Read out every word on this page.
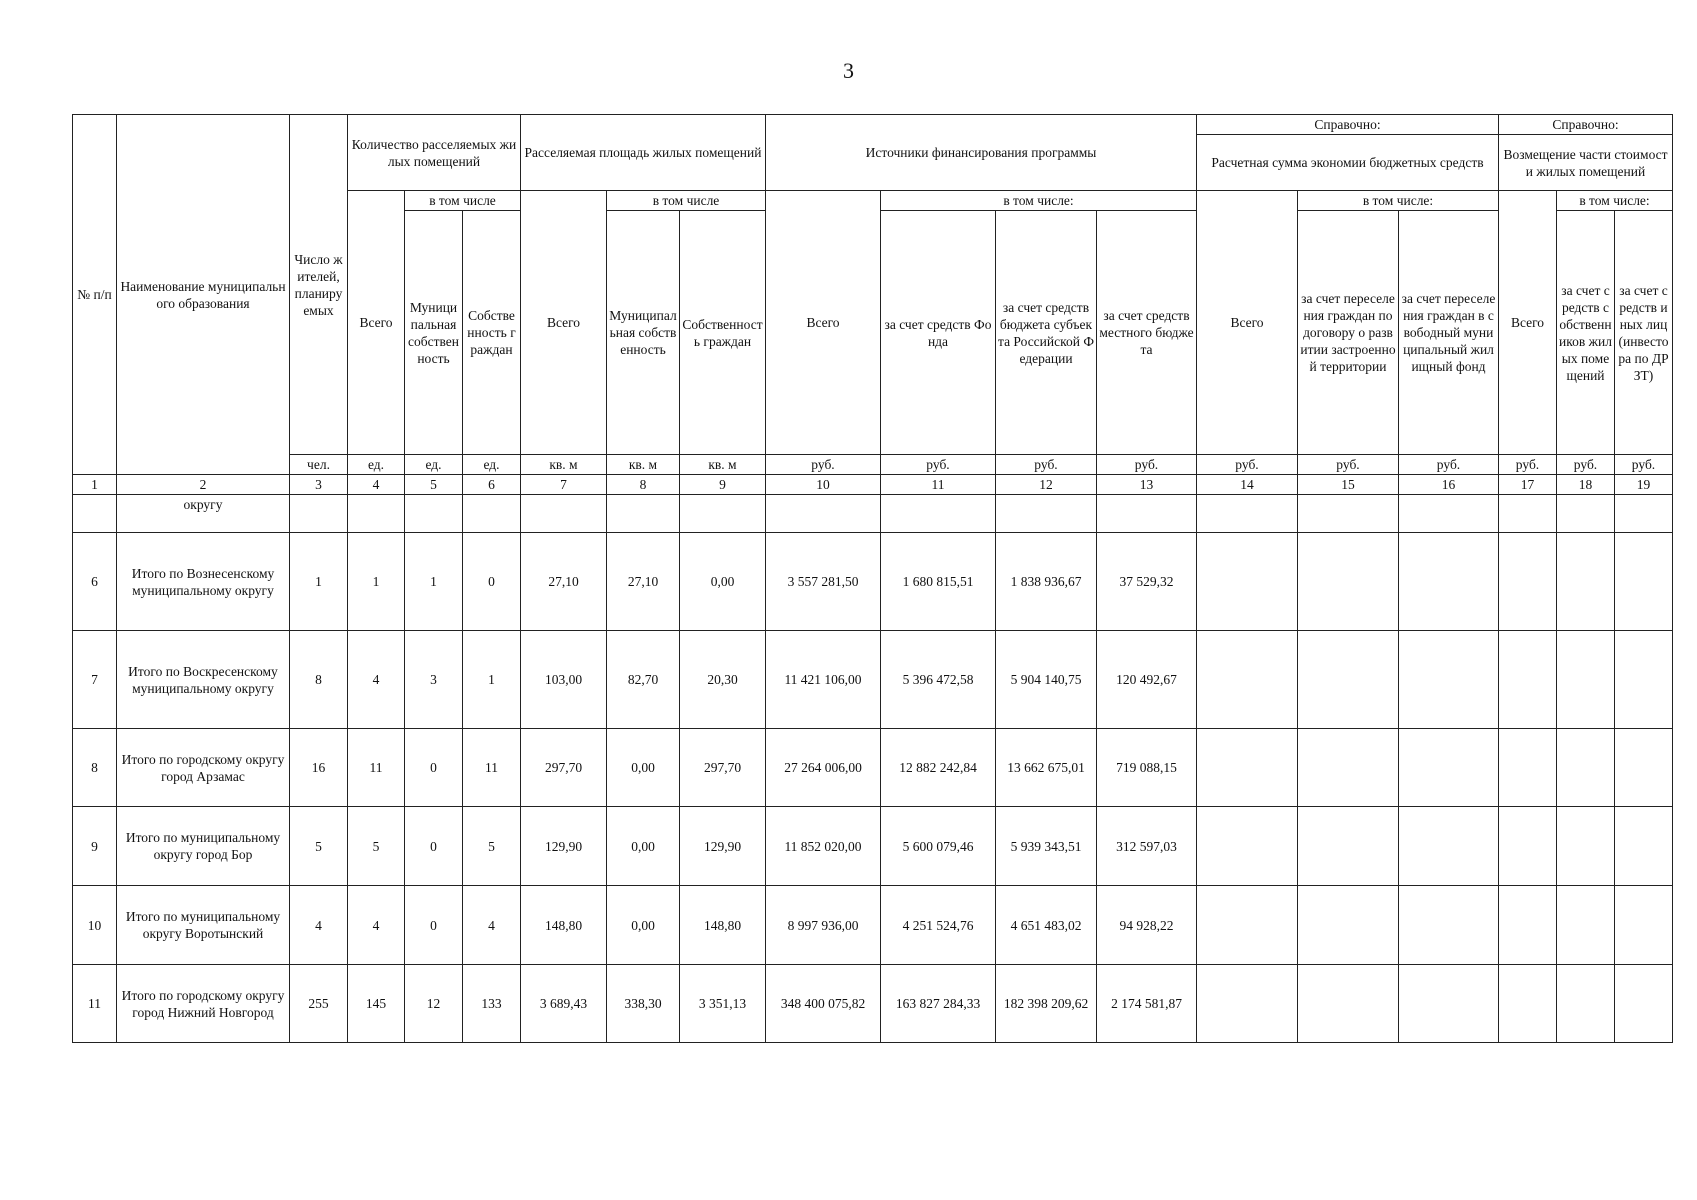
3
№ п/п	Наименование муниципального образования	Число жителей, планируемых	Количество расселяемых жилых помещений			Расселяемая площадь жилых помещений			Источники финансирования программы				Справочно:			Справочно:		
													Расчетная сумма экономии бюджетных средств			Возмещение части стоимости жилых помещений		
			Всего	в том числе		Всего	в том числе		Всего	в том числе:			Всего	в том числе:		Всего	в том числе:	
				Муниципальная собственность	Собственность граждан		Муниципальная собственность	Собственность граждан		за счет средств Фонда	за счет средств бюджета субъекта Российской Федерации	за счет средств местного бюджета		за счет переселения граждан по договору о развитии застроенной территории	за счет переселения граждан в свободный муниципальный жилищный фонд		за счет средств собственников жилых помещений	за счет средств иных лиц (инвестора по ДРЗТ)
		чел.	ед.	ед.	ед.	кв. м	кв. м	кв. м	руб.	руб.	руб.	руб.	руб.	руб.	руб.	руб.	руб.	руб.
1	2	3	4	5	6	7	8	9	10	11	12	13	14	15	16	17	18	19
	округу																	
6	Итого по Вознесенскому муниципальному округу	1	1	1	0	27,10	27,10	0,00	3 557 281,50	1 680 815,51	1 838 936,67	37 529,32						
7	Итого по Воскресенскому муниципальному округу	8	4	3	1	103,00	82,70	20,30	11 421 106,00	5 396 472,58	5 904 140,75	120 492,67						
8	Итого по городскому округу город Арзамас	16	11	0	11	297,70	0,00	297,70	27 264 006,00	12 882 242,84	13 662 675,01	719 088,15						
9	Итого по муниципальному округу город Бор	5	5	0	5	129,90	0,00	129,90	11 852 020,00	5 600 079,46	5 939 343,51	312 597,03						
10	Итого по муниципальному округу Воротынский	4	4	0	4	148,80	0,00	148,80	8 997 936,00	4 251 524,76	4 651 483,02	94 928,22						
11	Итого по городскому округу город Нижний Новгород	255	145	12	133	3 689,43	338,30	3 351,13	348 400 075,82	163 827 284,33	182 398 209,62	2 174 581,87						
